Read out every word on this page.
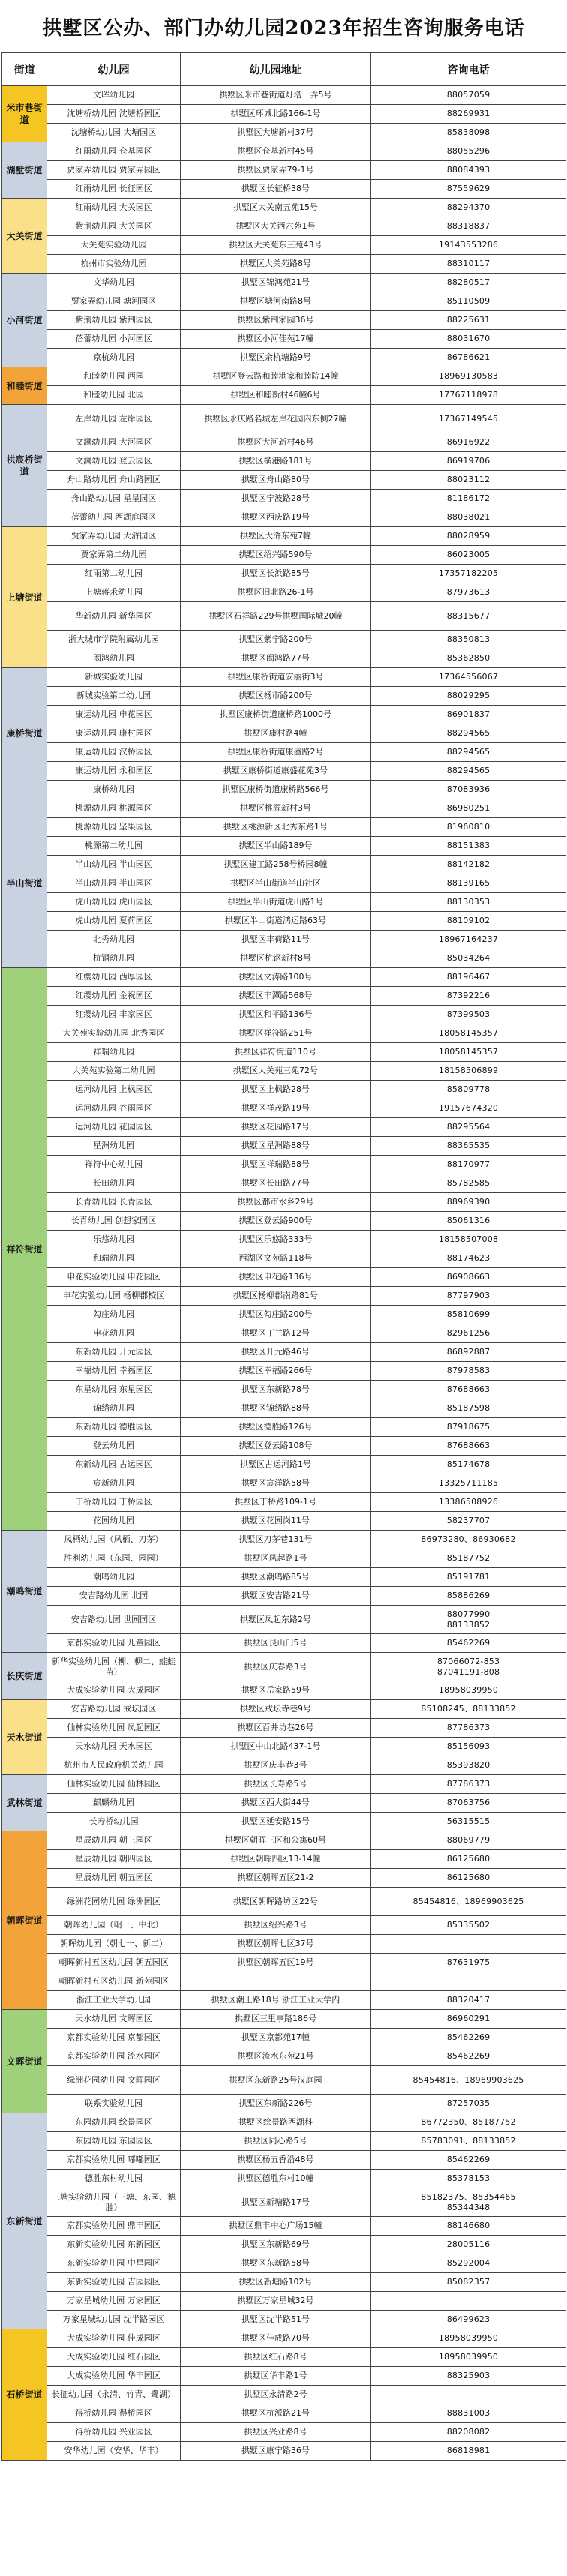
拱墅区公办、部门办幼儿园2023年招生咨询服务电话
街道	幼儿园	幼儿园地址	咨询电话
米市巷街道	文晖幼儿园	拱墅区米市巷街道灯塔一弄5号	88057059
	沈塘桥幼儿园 沈塘桥园区	拱墅区环城北路166-1号	88269931
	沈塘桥幼儿园 大塘园区	拱墅区大塘新村37号	85838098
湖墅街道	红雨幼儿园 仓基园区	拱墅区仓基新村45号	88055296
	贾家弄幼儿园 贾家弄园区	拱墅区贾家弄79-1号	88084393
	红雨幼儿园 长征园区	拱墅区长征桥38号	87559629
大关街道	红雨幼儿园 大关园区	拱墅区大关南五苑15号	88294370
	紫荆幼儿园 大关园区	拱墅区大关西六苑1号	88318837
	大关苑实验幼儿园	拱墅区大关苑东三苑43号	19143553286
	杭州市实验幼儿园	拱墅区大关苑路8号	88310117
小河街道	文华幼儿园	拱墅区锦鸿苑21号	88280517
	贾家弄幼儿园 塘河园区	拱墅区塘河南路8号	85110509
	紫荆幼儿园 紫荆园区	拱墅区紫荆家园36号	88225631
	蓓蕾幼儿园 小河园区	拱墅区小河佳苑17幢	88031670
	京杭幼儿园	拱墅区余杭塘路9号	86786621
和睦街道	和睦幼儿园 西园	拱墅区登云路和睦港家和睦院14幢	18969130583
	和睦幼儿园 北园	拱墅区和睦新村46幢6号	17767118978
拱宸桥街道	左岸幼儿园 左岸园区	拱墅区永庆路名城左岸花园内东侧27幢	17367149545
	文澜幼儿园 大河园区	拱墅区大河新村46号	86916922
	文澜幼儿园 登云园区	拱墅区横港路181号	86919706
	舟山路幼儿园 舟山路园区	拱墅区舟山路80号	88023112
	舟山路幼儿园 星星园区	拱墅区宁波路28号	81186172
	蓓蕾幼儿园 西湖庭园区	拱墅区西庆路19号	88038021
上塘街道	贾家弄幼儿园 大浒园区	拱墅区大浒东苑7幢	88028959
	贾家弄第二幼儿园	拱墅区绍兴路590号	86023005
	红雨第二幼儿园	拱墅区长浜路85号	17357182205
	上塘蒋禾幼儿园	拱墅区旧北路26-1号	87973613
	华新幼儿园 新华园区	拱墅区石祥路229号拱墅国际城20幢	88315677
	浙大城市学院附属幼儿园	拱墅区紫宁路200号	88350813
	闳鸿幼儿园	拱墅区闳鸿路77号	85362850
康桥街道	新城实验幼儿园	拱墅区康桥街道安丽街3号	17364556067
	新城实验第二幼儿园	拱墅区杨市路200号	88029295
	康运幼儿园 申花园区	拱墅区康桥街道康桥路1000号	86901837
	康运幼儿园 康村园区	拱墅区康村路4幢	88294565
	康运幼儿园 汉桥园区	拱墅区康桥街道康盛路2号	88294565
	康运幼儿园 永和园区	拱墅区康桥街道康盛花苑3号	88294565
	康桥幼儿园	拱墅区康桥街道康桥路566号	87083936
半山街道	桃源幼儿园 桃源园区	拱墅区桃源新村3号	86980251
	桃源幼儿园 坚果园区	拱墅区桃源新区北秀东路1号	81960810
	桃源第二幼儿园	拱墅区半山路189号	88151383
	半山幼儿园 半山园区	拱墅区建工路258号桥园8幢	88142182
	半山幼儿园 半山园区	拱墅区半山街道半山社区	88139165
	虎山幼儿园 虎山园区	拱墅区半山街道虎山路1号	88130353
	虎山幼儿园 夏荷园区	拱墅区半山街道鸿运路63号	88109102
	北秀幼儿园	拱墅区丰荷路11号	18967164237
	杭钢幼儿园	拱墅区杭钢新村8号	85034264
祥符街道	红缨幼儿园 西厚园区	拱墅区文涛路100号	88196467
	红缨幼儿园 金祝园区	拱墅区丰潭路568号	87392216
	红缨幼儿园 丰家园区	拱墅区和平路136号	87399503
	大关苑实验幼儿园 北秀园区	拱墅区祥符路251号	18058145357
	祥瑞幼儿园	拱墅区祥符街道110号	18058145357
	大关苑实验第二幼儿园	拱墅区大关苑三苑72号	18158506899
	运河幼儿园 上枫园区	拱墅区上枫路28号	85809778
	运河幼儿园 谷雨园区	拱墅区祥茂路19号	19157674320
	运河幼儿园 花园园区	拱墅区花园路17号	88295564
	星洲幼儿园	拱墅区星洲路88号	88365535
	祥符中心幼儿园	拱墅区祥瑞路88号	88170977
	长田幼儿园	拱墅区长田路77号	85782585
	长青幼儿园 长青园区	拱墅区都市水乡29号	88969390
	长青幼儿园 创想家园区	拱墅区登云路900号	85061316
	乐悠幼儿园	拱墅区乐悠路333号	18158507008
	和瑞幼儿园	西湖区文苑路118号	88174623
	申花实验幼儿园 申花园区	拱墅区申花路136号	86908663
	申花实验幼儿园 杨柳郡校区	拱墅区杨柳郡南路81号	87797903
	勾庄幼儿园	拱墅区勾庄路200号	85810699
	申花幼儿园	拱墅区丁兰路12号	82961256
	东新幼儿园 开元园区	拱墅区开元路46号	86892887
	幸福幼儿园 幸福园区	拱墅区幸福路266号	87978583
	东星幼儿园 东星园区	拱墅区东新路78号	87688663
	锦绣幼儿园	拱墅区锦绣路88号	85187598
	东新幼儿园 德胜园区	拱墅区德胜路126号	87918675
	登云幼儿园	拱墅区登云路108号	87688663
	东新幼儿园 古运园区	拱墅区古运河路1号	85174678
	宸新幼儿园	拱墅区宸洋路58号	13325711185
	丁桥幼儿园 丁桥园区	拱墅区丁桥路109-1号	13386508926
	花园幼儿园	拱墅区花园岗11号	58237707
潮鸣街道	凤栖幼儿园（凤栖、刀茅）	拱墅区刀茅巷131号	86973280、86930682
	胜利幼儿园（东园、园园）	拱墅区凤起路1号	85187752
	潮鸣幼儿园	拱墅区潮鸣路85号	85191781
	安吉路幼儿园 北园	拱墅区安吉路21号	85886269
	安吉路幼儿园 世园园区	拱墅区凤起东路2号	88077990
88133852
	京都实验幼儿园 儿童园区	拱墅区艮山门5号	85462269
长庆街道	新华实验幼儿园（柳、柳二、蛙蛙苗）	拱墅区庆春路3号	87066072-853
87041191-808
	大成实验幼儿园 大成园区	拱墅区岳家路59号	18958039950
天水街道	安吉路幼儿园 戒坛园区	拱墅区戒坛寺巷9号	85108245、88133852
	仙林实验幼儿园 凤起园区	拱墅区百井坊巷26号	87786373
	天水幼儿园 天水园区	拱墅区中山北路437-1号	85156093
	杭州市人民政府机关幼儿园	拱墅区庆丰巷3号	85393820
武林街道	仙林实验幼儿园 仙林园区	拱墅区长寿路5号	87786373
	麒麟幼儿园	拱墅区西大街44号	87063756
	长寿桥幼儿园	拱墅区延安路15号	56315515
朝晖街道	星辰幼儿园 朝三园区	拱墅区朝晖三区和公寓60号	88069779
	星辰幼儿园 朝四园区	拱墅区朝晖四区13-14幢	86125680
	星辰幼儿园 朝五园区	拱墅区朝晖五区21-2	86125680
	绿洲花园幼儿园 绿洲园区	拱墅区朝晖路坊区22号	85454816、18969903625
	朝晖幼儿园（朝一、中北）	拱墅区绍兴路3号	85335502
	朝晖幼儿园（朝七一、新二）	拱墅区朝晖七区37号	
	朝晖新村五区幼儿园 朝五园区	拱墅区朝晖五区19号	87631975
	朝晖新村五区幼儿园 新苑园区		
	浙江工业大学幼儿园	拱墅区潮王路18号 浙江工业大学内	88320417
文晖街道	天水幼儿园 文晖园区	拱墅区三里亭路186号	86960291
	京都实验幼儿园 京都园区	拱墅区京都苑17幢	85462269
	京都实验幼儿园 流水园区	拱墅区流水东苑21号	85462269
	绿洲花园幼儿园 文晖园区	拱墅区东新路25号汉庭园	85454816、18969903625
	联系实验幼儿园	拱墅区东新路226号	87257035
东新街道	东园幼儿园 绘景园区	拱墅区绘景路西湖科	86772350、85187752
	东园幼儿园 东园园区	拱墅区同心路5号	85783091、88133852
	京都实验幼儿园 嘟嘟园区	拱墅区杨五香沿48号	85462269
	德胜东村幼儿园	拱墅区德胜东村10幢	85378153
	三塘实验幼儿园（三塘、东园、德胜）	拱墅区新塘路17号	85182375、85354465
85344348
	京都实验幼儿园 鼎丰园区	拱墅区鼎丰中心广场15幢	88146680
	东新实验幼儿园 东新园区	拱墅区东新路69号	28005116
	东新实验幼儿园 中星园区	拱墅区东新路58号	85292004
	东新实验幼儿园 吉园园区	拱墅区新塘路102号	85082357
	万家星城幼儿园 万家园区	拱墅区万家星城32号	
	万家星城幼儿园 沈半路园区	拱墅区沈半路51号	86499623
石桥街道	大成实验幼儿园 佳成园区	拱墅区佳成路70号	18958039950
	大成实验幼儿园 红石园区	拱墅区红石路8号	18958039950
	大成实验幼儿园 华丰园区	拱墅区华丰路1号	88325903
	长征幼儿园（永清、竹青、鹭湖）	拱墅区永清路2号	
	得桥幼儿园 得桥园区	拱墅区杭派路21号	88831003
	得桥幼儿园 兴业园区	拱墅区兴业路8号	88208082
	安华幼儿园（安华、华丰）	拱墅区康宁路36号	86818981
